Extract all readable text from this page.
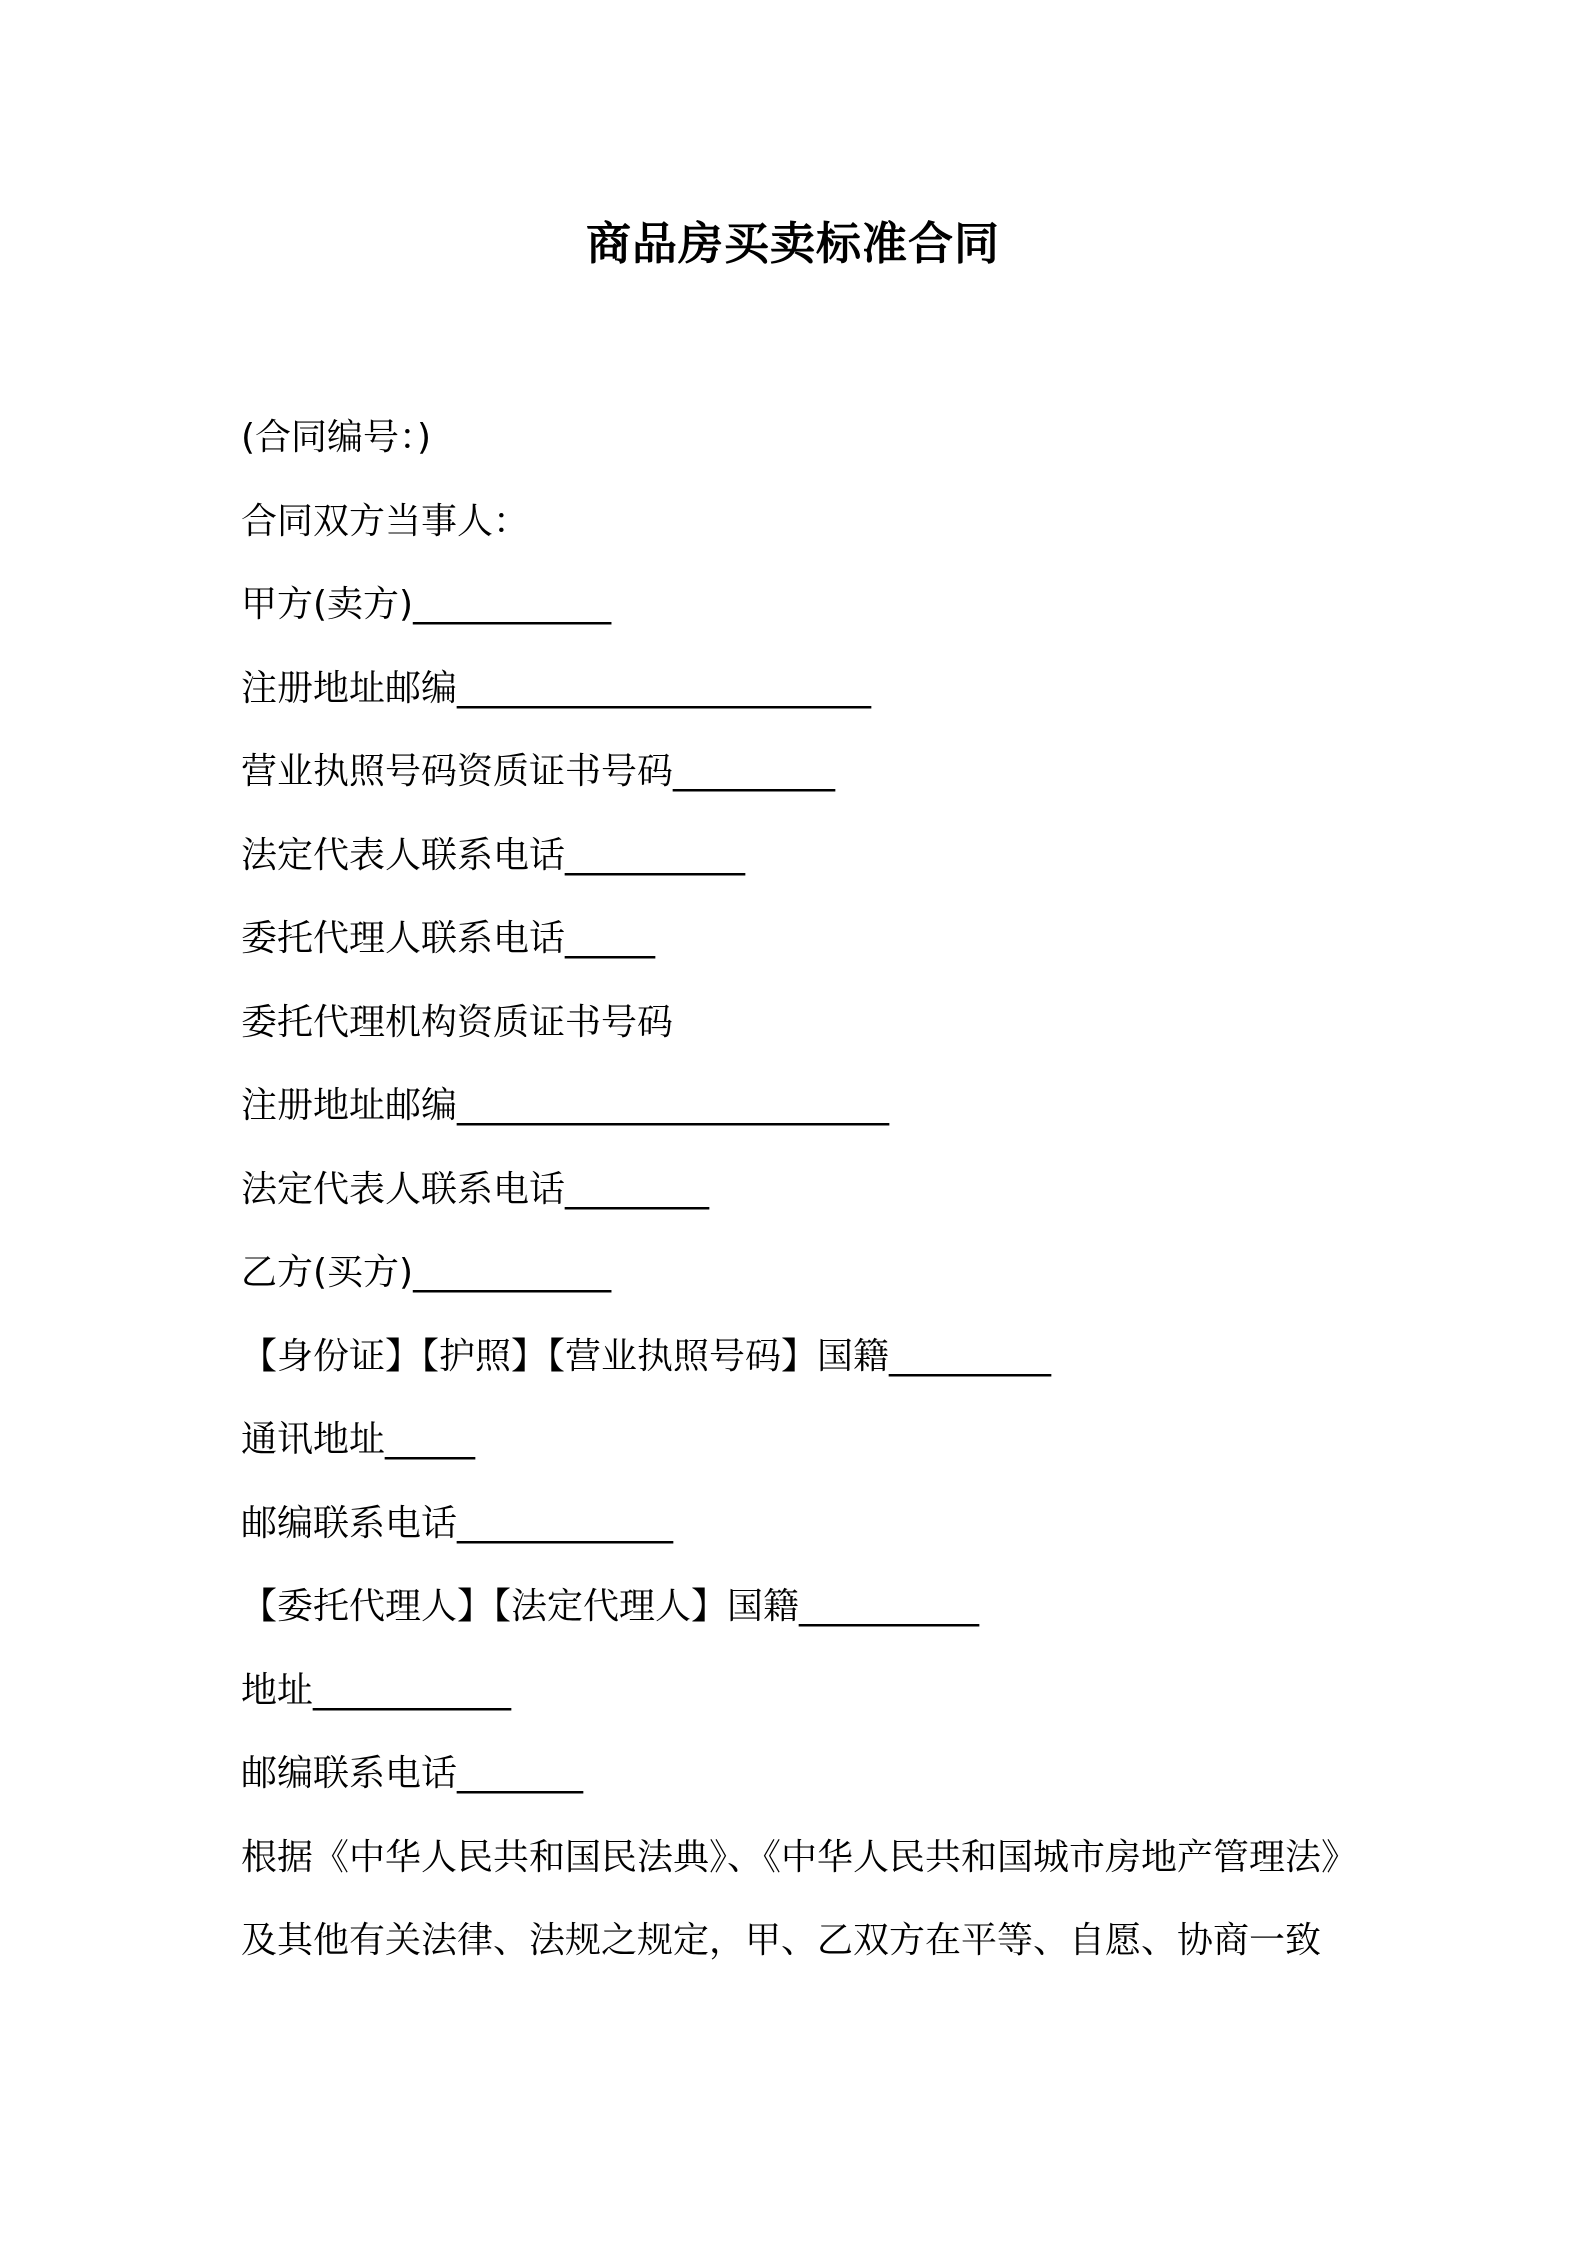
商品房买卖标准合同
(合同编号：)
合同双方当事人：
甲方(卖方)___________
注册地址邮编_______________________
营业执照号码资质证书号码_________
法定代表人联系电话__________
委托代理人联系电话_____
委托代理机构资质证书号码
注册地址邮编________________________
法定代表人联系电话________
乙方(买方)___________
【身份证】【护照】【营业执照号码】国籍_________
通讯地址_____
邮编联系电话____________
【委托代理人】【法定代理人】国籍__________
地址___________
邮编联系电话_______
根据《中华人民共和国民法典》、《中华人民共和国城市房地产管理法》
及其他有关法律、法规之规定，甲、乙双方在平等、自愿、协商一致
